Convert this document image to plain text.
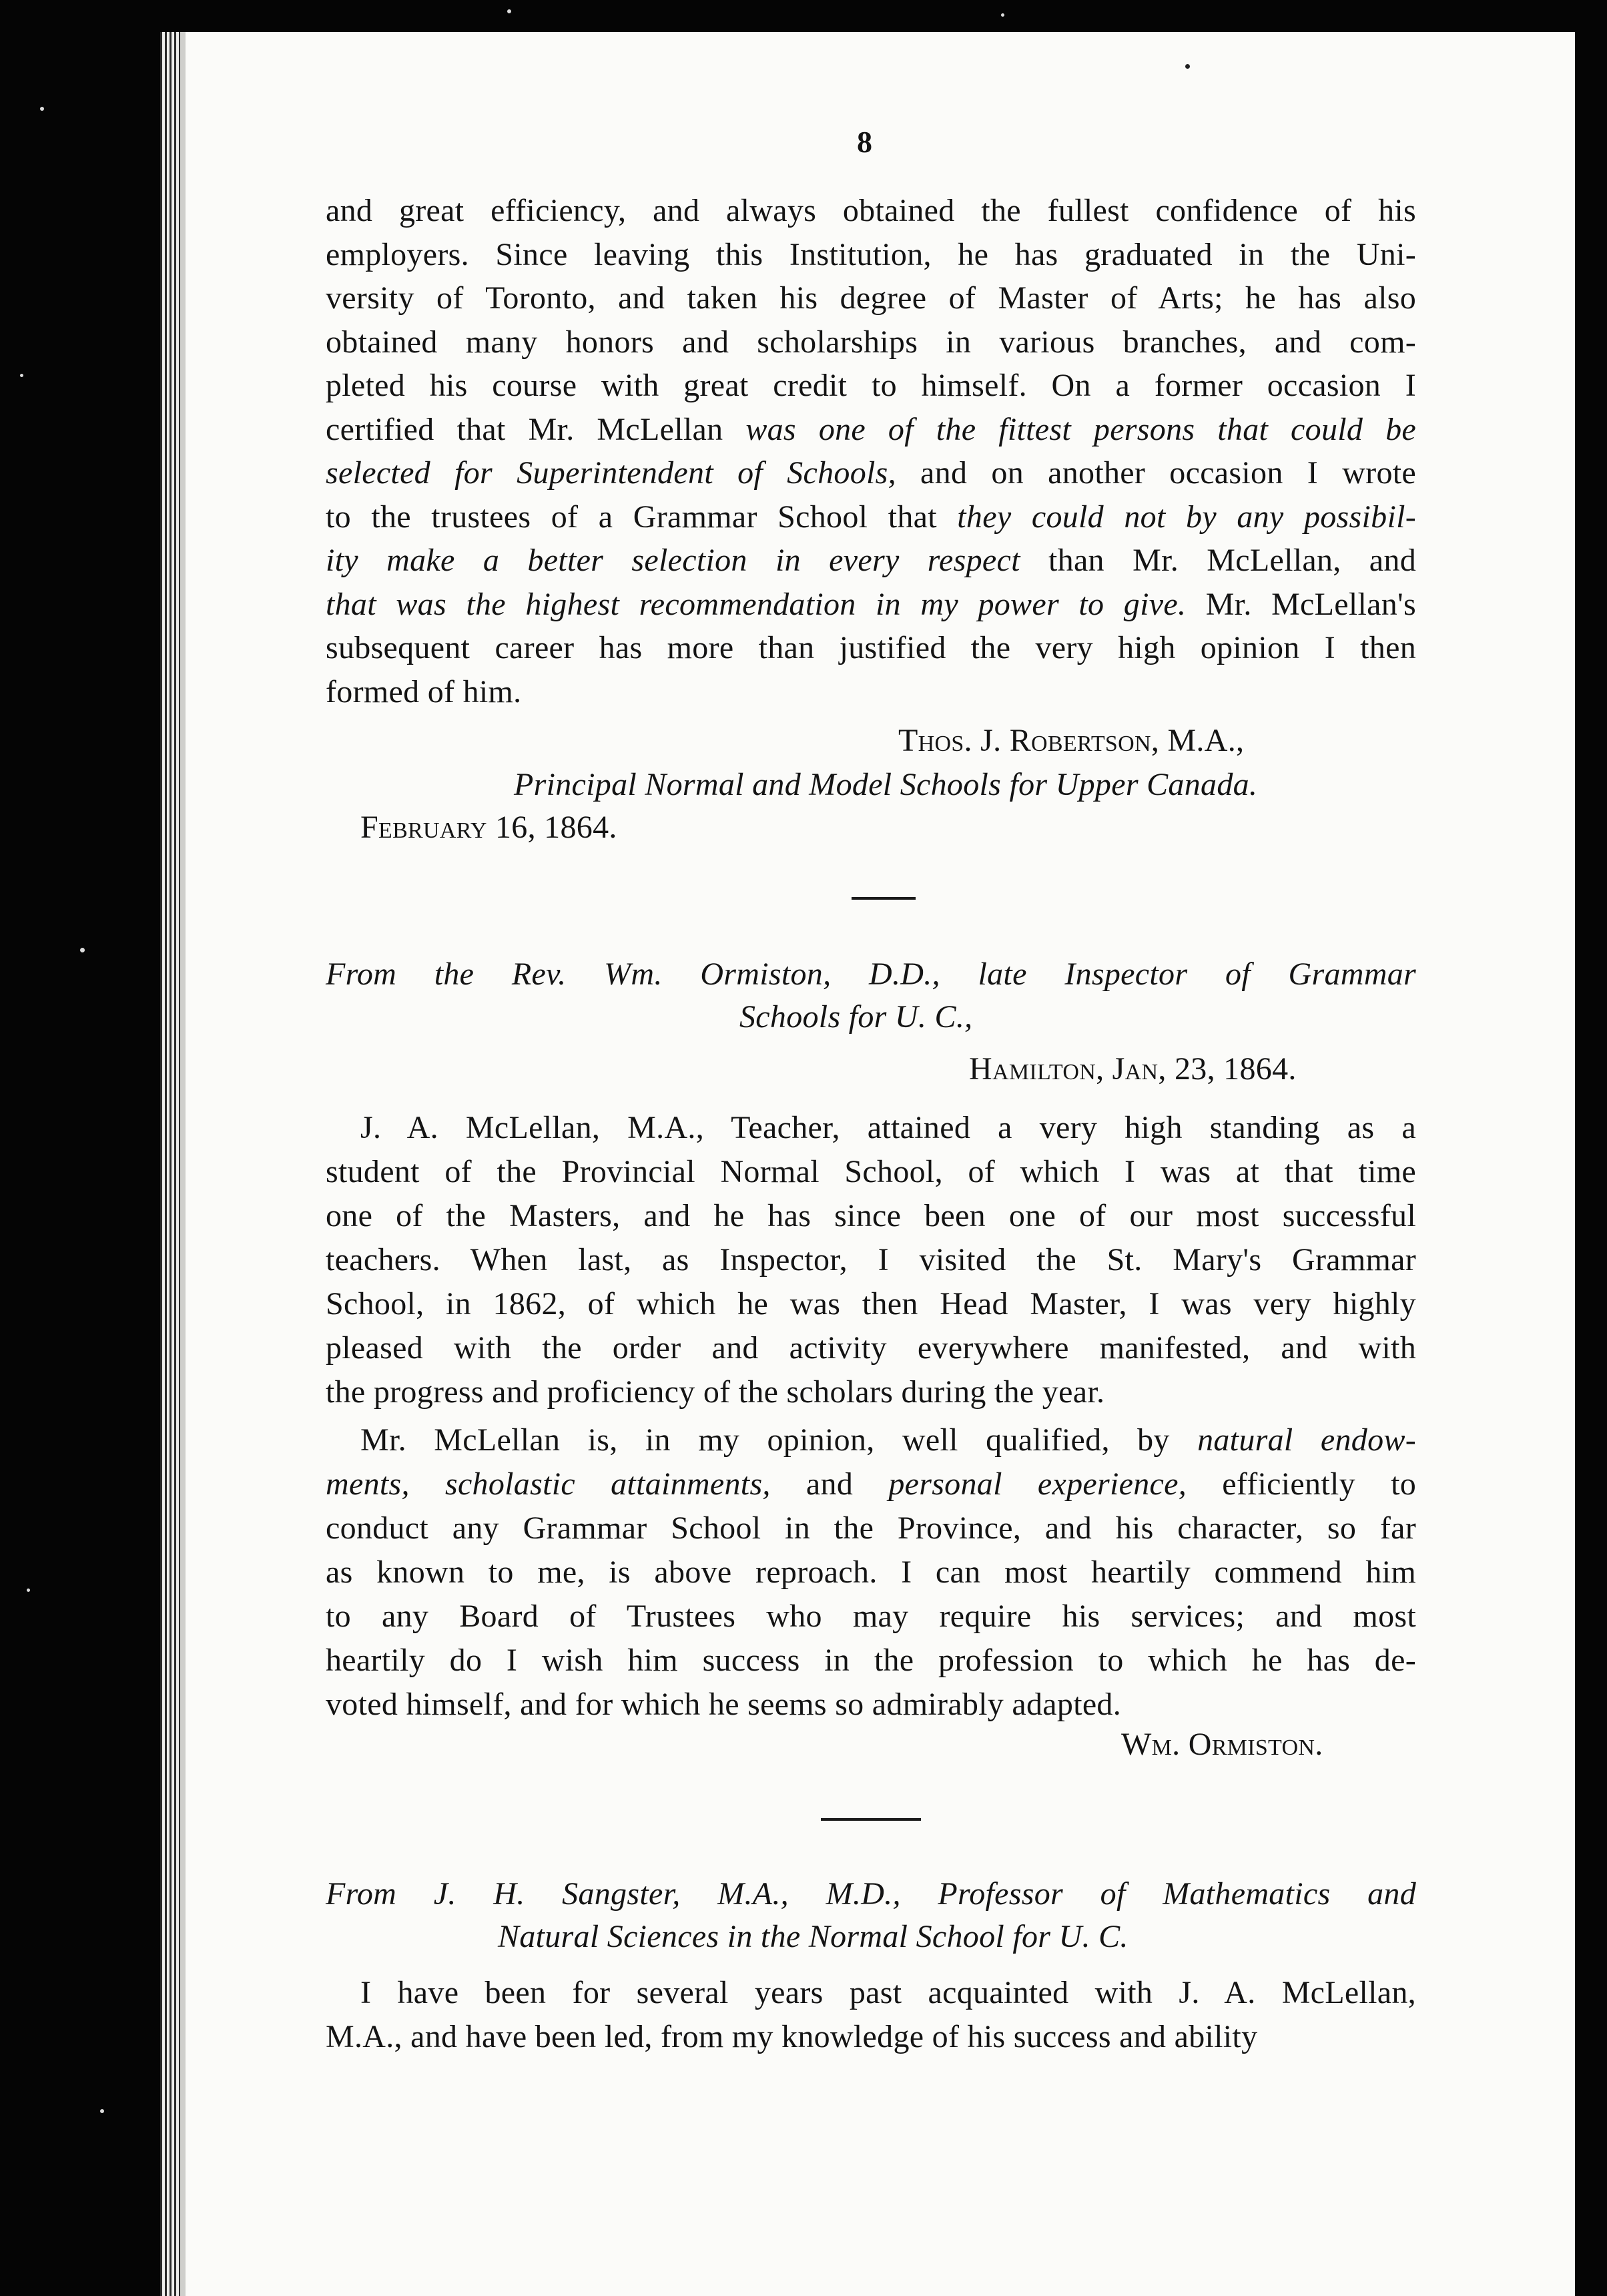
8
and great efficiency, and always obtained the fullest confidence of his
employers. Since leaving this Institution, he has graduated in the Uni-
versity of Toronto, and taken his degree of Master of Arts; he has also
obtained many honors and scholarships in various branches, and com-
pleted his course with great credit to himself. On a former occasion I
certified that Mr. McLellan was one of the fittest persons that could be
selected for Superintendent of Schools, and on another occasion I wrote
to the trustees of a Grammar School that they could not by any possibil-
ity make a better selection in every respect than Mr. McLellan, and
that was the highest recommendation in my power to give. Mr. McLellan's
subsequent career has more than justified the very high opinion I then
formed of him.
Thos. J. Robertson, M.A.,
Principal Normal and Model Schools for Upper Canada.
February 16, 1864.
From the Rev. Wm. Ormiston, D.D., late Inspector of Grammar
Schools for U. C.,
Hamilton, Jan, 23, 1864.
J. A. McLellan, M.A., Teacher, attained a very high standing as a
student of the Provincial Normal School, of which I was at that time
one of the Masters, and he has since been one of our most successful
teachers. When last, as Inspector, I visited the St. Mary's Grammar
School, in 1862, of which he was then Head Master, I was very highly
pleased with the order and activity everywhere manifested, and with
the progress and proficiency of the scholars during the year.
Mr. McLellan is, in my opinion, well qualified, by natural endow-
ments, scholastic attainments, and personal experience, efficiently to
conduct any Grammar School in the Province, and his character, so far
as known to me, is above reproach. I can most heartily commend him
to any Board of Trustees who may require his services; and most
heartily do I wish him success in the profession to which he has de-
voted himself, and for which he seems so admirably adapted.
Wm. Ormiston.
From J. H. Sangster, M.A., M.D., Professor of Mathematics and
Natural Sciences in the Normal School for U. C.
I have been for several years past acquainted with J. A. McLellan,
M.A., and have been led, from my knowledge of his success and ability
